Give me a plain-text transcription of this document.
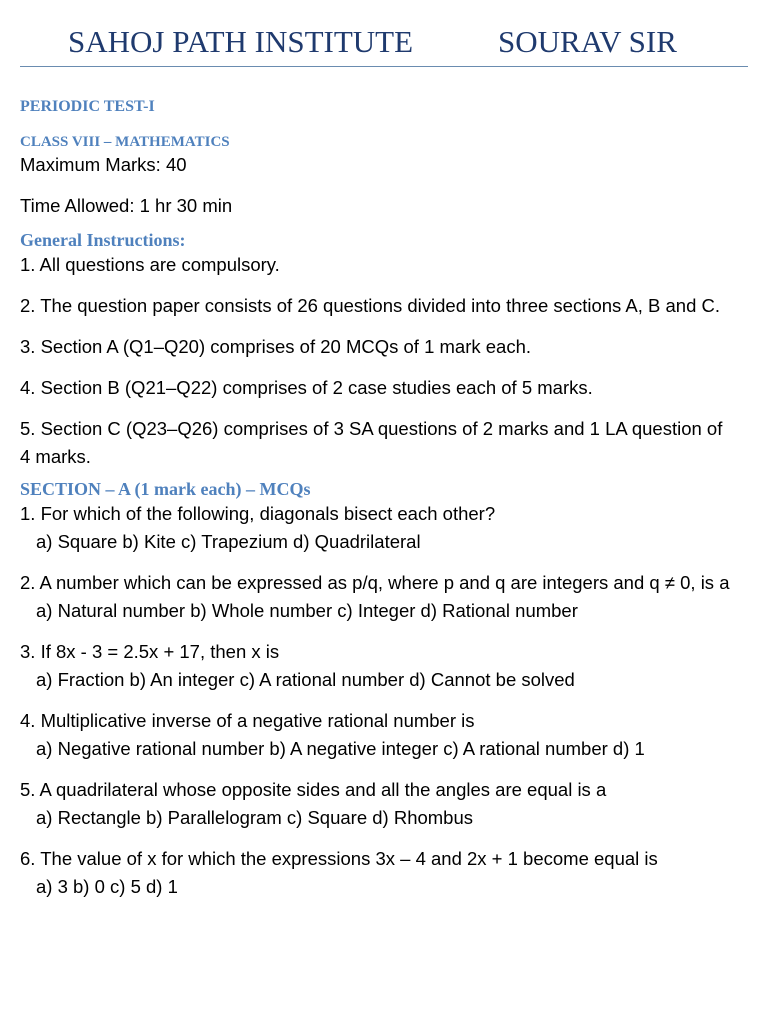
SAHOJ PATH INSTITUTE	SOURAV SIR
PERIODIC TEST-I
CLASS VIII – MATHEMATICS
Maximum Marks: 40
Time Allowed: 1 hr 30 min
General Instructions:
1. All questions are compulsory.
2. The question paper consists of 26 questions divided into three sections A, B and C.
3. Section A (Q1–Q20) comprises of 20 MCQs of 1 mark each.
4. Section B (Q21–Q22) comprises of 2 case studies each of 5 marks.
5. Section C (Q23–Q26) comprises of 3 SA questions of 2 marks and 1 LA question of 4 marks.
SECTION – A (1 mark each) – MCQs
1. For which of the following, diagonals bisect each other?
a) Square b) Kite c) Trapezium d) Quadrilateral
2. A number which can be expressed as p/q, where p and q are integers and q ≠ 0, is a
a) Natural number b) Whole number c) Integer d) Rational number
3. If 8x - 3 = 2.5x + 17, then x is
a) Fraction b) An integer c) A rational number d) Cannot be solved
4. Multiplicative inverse of a negative rational number is
a) Negative rational number b) A negative integer c) A rational number d) 1
5. A quadrilateral whose opposite sides and all the angles are equal is a
a) Rectangle b) Parallelogram c) Square d) Rhombus
6. The value of x for which the expressions 3x – 4 and 2x + 1 become equal is
a) 3 b) 0 c) 5 d) 1
